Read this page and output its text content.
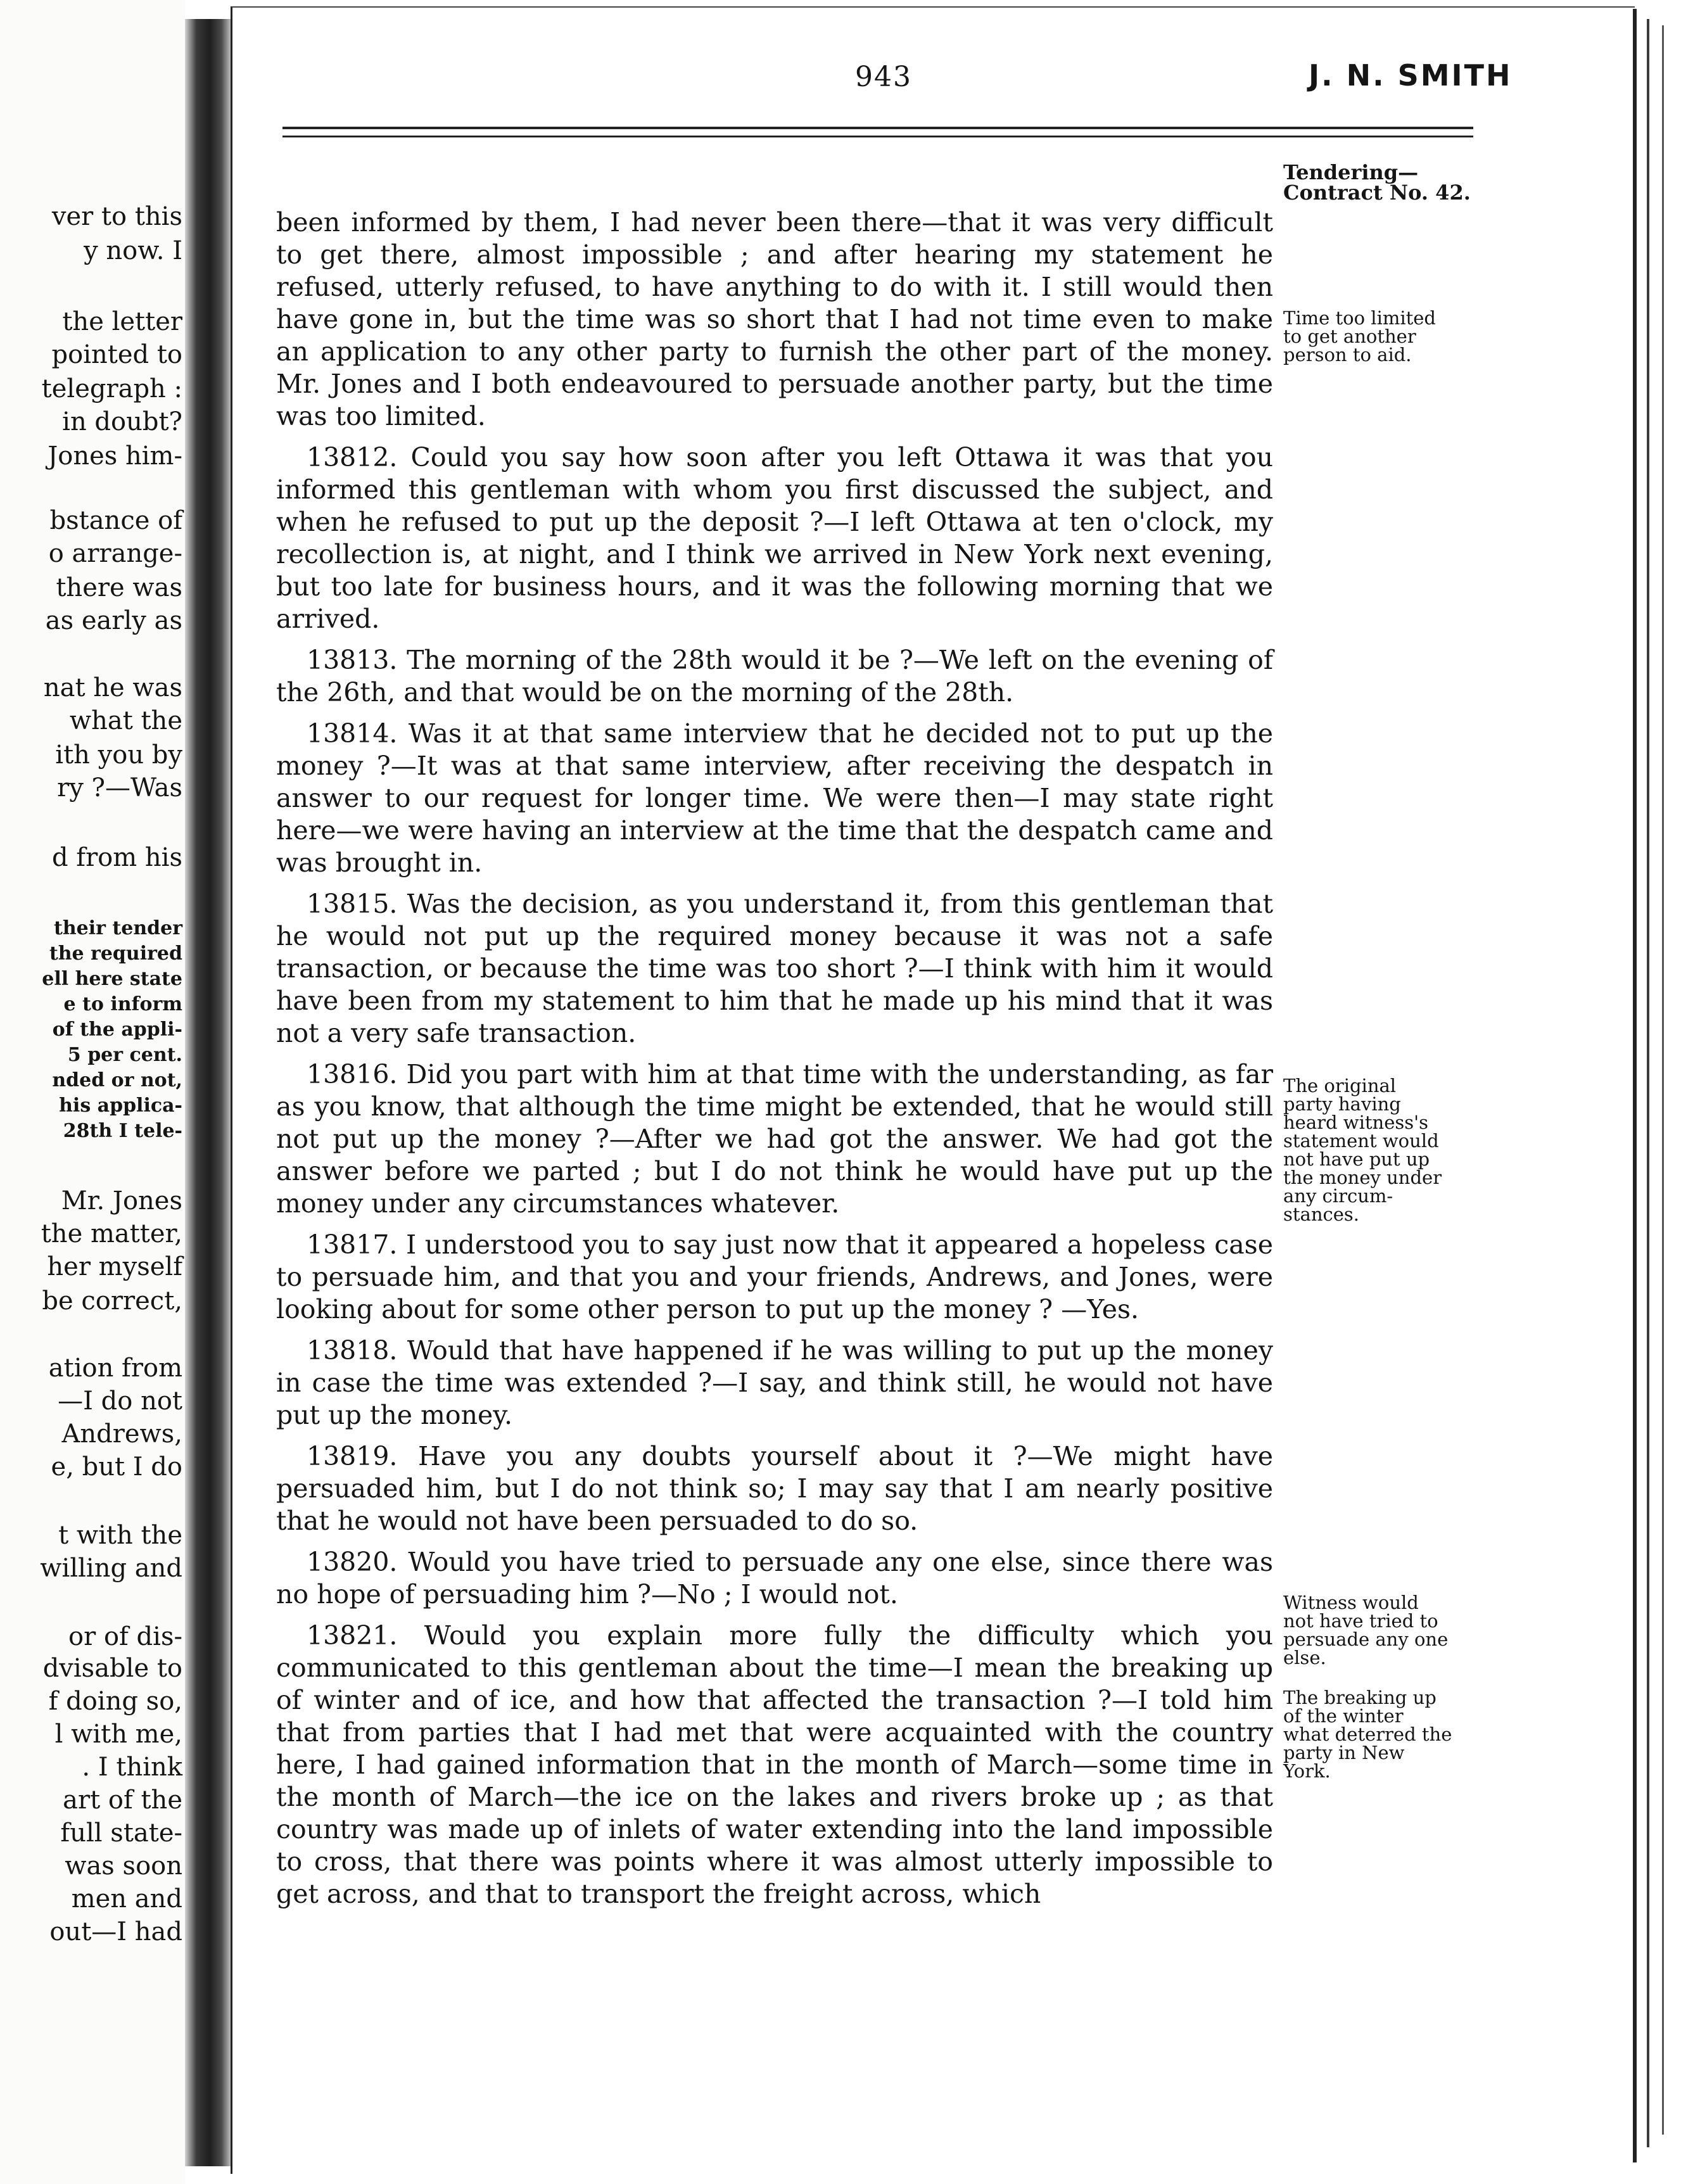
ver to this
y now. I
the letter
pointed to
telegraph :
in doubt?
Jones him-
bstance of
o arrange-
there was
as early as
nat he was
what the
ith you by
ry ?—Was
d from his
their tender
the required
ell here state
e to inform
of the appli-
5 per cent.
nded or not,
his applica-
28th I tele-
Mr. Jones
the matter,
her myself
be correct,
ation from
—I do not
Andrews,
e, but I do
t with the
willing and
or of dis-
dvisable to
f doing so,
l with me,
. I think
art of the
full state-
was soon
men and
out—I had
943	J. N. SMITH
Tendering—
Contract No. 42.
Time too limited
to get another
person to aid.
The original
party having
heard witness's
statement would
not have put up
the money under
any circum-
stances.
Witness would
not have tried to
persuade any one
else.
The breaking up
of the winter
what deterred the
party in New
York.

been informed by them, I had never been there—that it was very difficult to get there, almost impossible ; and after hearing my statement he refused, utterly refused, to have anything to do with it. I still would then have gone in, but the time was so short that I had not time even to make an application to any other party to furnish the other part of the money. Mr. Jones and I both endeavoured to persuade another party, but the time was too limited.

13812. Could you say how soon after you left Ottawa it was that you informed this gentleman with whom you first discussed the subject, and when he refused to put up the deposit ?—I left Ottawa at ten o'clock, my recollection is, at night, and I think we arrived in New York next evening, but too late for business hours, and it was the following morning that we arrived.

13813. The morning of the 28th would it be ?—We left on the evening of the 26th, and that would be on the morning of the 28th.

13814. Was it at that same interview that he decided not to put up the money ?—It was at that same interview, after receiving the despatch in answer to our request for longer time. We were then—I may state right here—we were having an interview at the time that the despatch came and was brought in.

13815. Was the decision, as you understand it, from this gentleman that he would not put up the required money because it was not a safe transaction, or because the time was too short ?—I think with him it would have been from my statement to him that he made up his mind that it was not a very safe transaction.

13816. Did you part with him at that time with the understanding, as far as you know, that although the time might be extended, that he would still not put up the money ?—After we had got the answer. We had got the answer before we parted ; but I do not think he would have put up the money under any circumstances whatever.

13817. I understood you to say just now that it appeared a hopeless case to persuade him, and that you and your friends, Andrews, and Jones, were looking about for some other person to put up the money ? —Yes.

13818. Would that have happened if he was willing to put up the money in case the time was extended ?—I say, and think still, he would not have put up the money.

13819. Have you any doubts yourself about it ?—We might have persuaded him, but I do not think so; I may say that I am nearly positive that he would not have been persuaded to do so.

13820. Would you have tried to persuade any one else, since there was no hope of persuading him ?—No ; I would not.

13821. Would you explain more fully the difficulty which you communicated to this gentleman about the time—I mean the breaking up of winter and of ice, and how that affected the transaction ?—I told him that from parties that I had met that were acquainted with the country here, I had gained information that in the month of March—some time in the month of March—the ice on the lakes and rivers broke up ; as that country was made up of inlets of water extending into the land impossible to cross, that there was points where it was almost utterly impossible to get across, and that to transport the freight across, which
